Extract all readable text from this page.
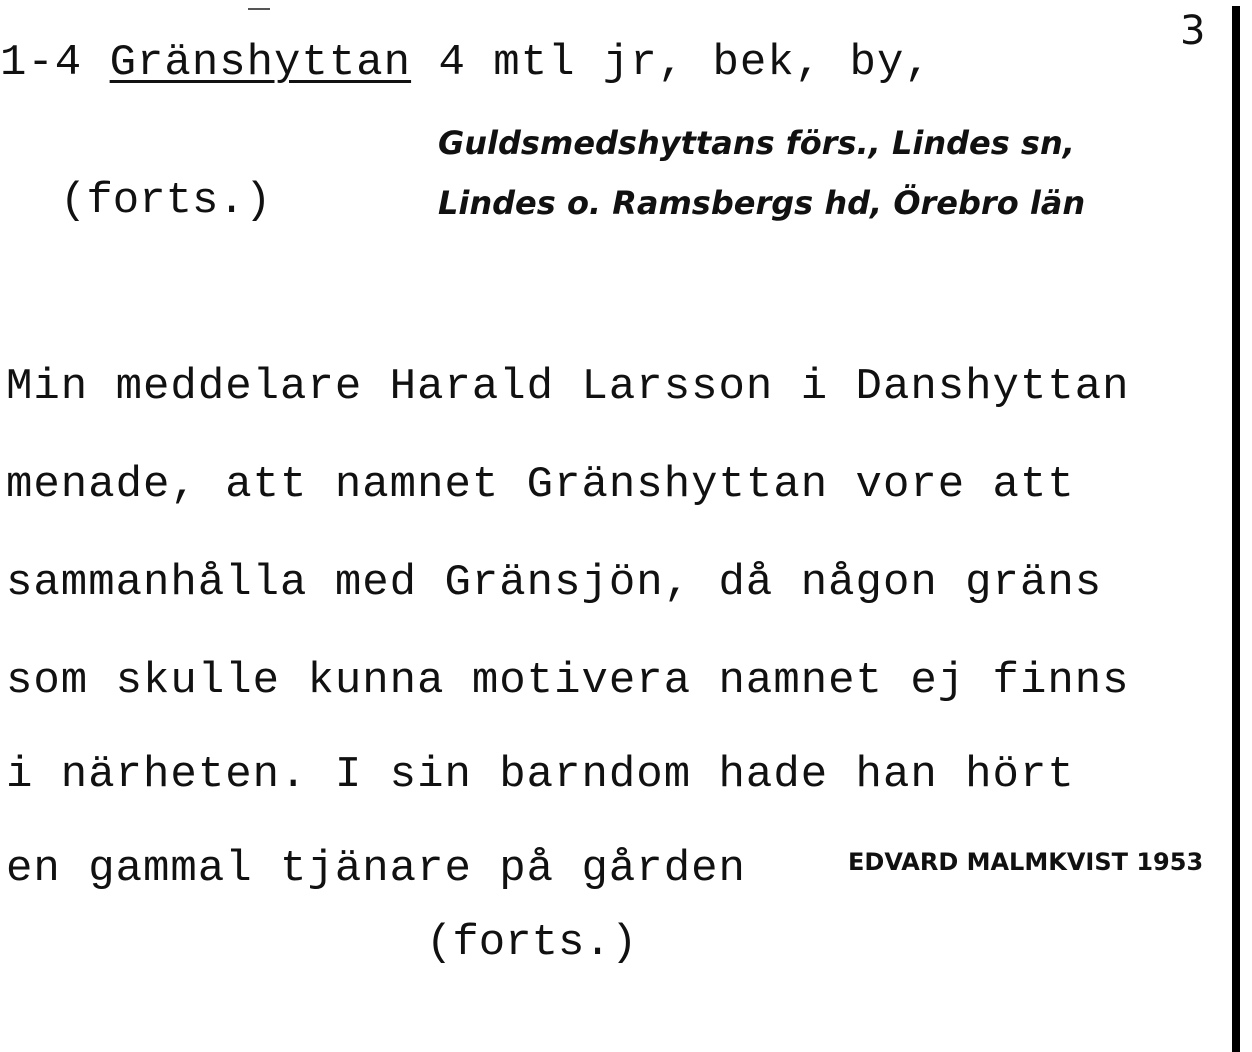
3
1-4 Gränshyttan 4 mtl jr, bek, by,
(forts.)
Guldsmedshyttans förs., Lindes sn,
Lindes o. Ramsbergs hd, Örebro län
Min meddelare Harald Larsson i Danshyttan
menade, att namnet Gränshyttan vore att
sammanhålla med Gränsjön, då någon gräns
som skulle kunna motivera namnet ej finns
i närheten. I sin barndom hade han hört
en gammal tjänare på gården	EDVARD MALMKVIST 1953
(forts.)
